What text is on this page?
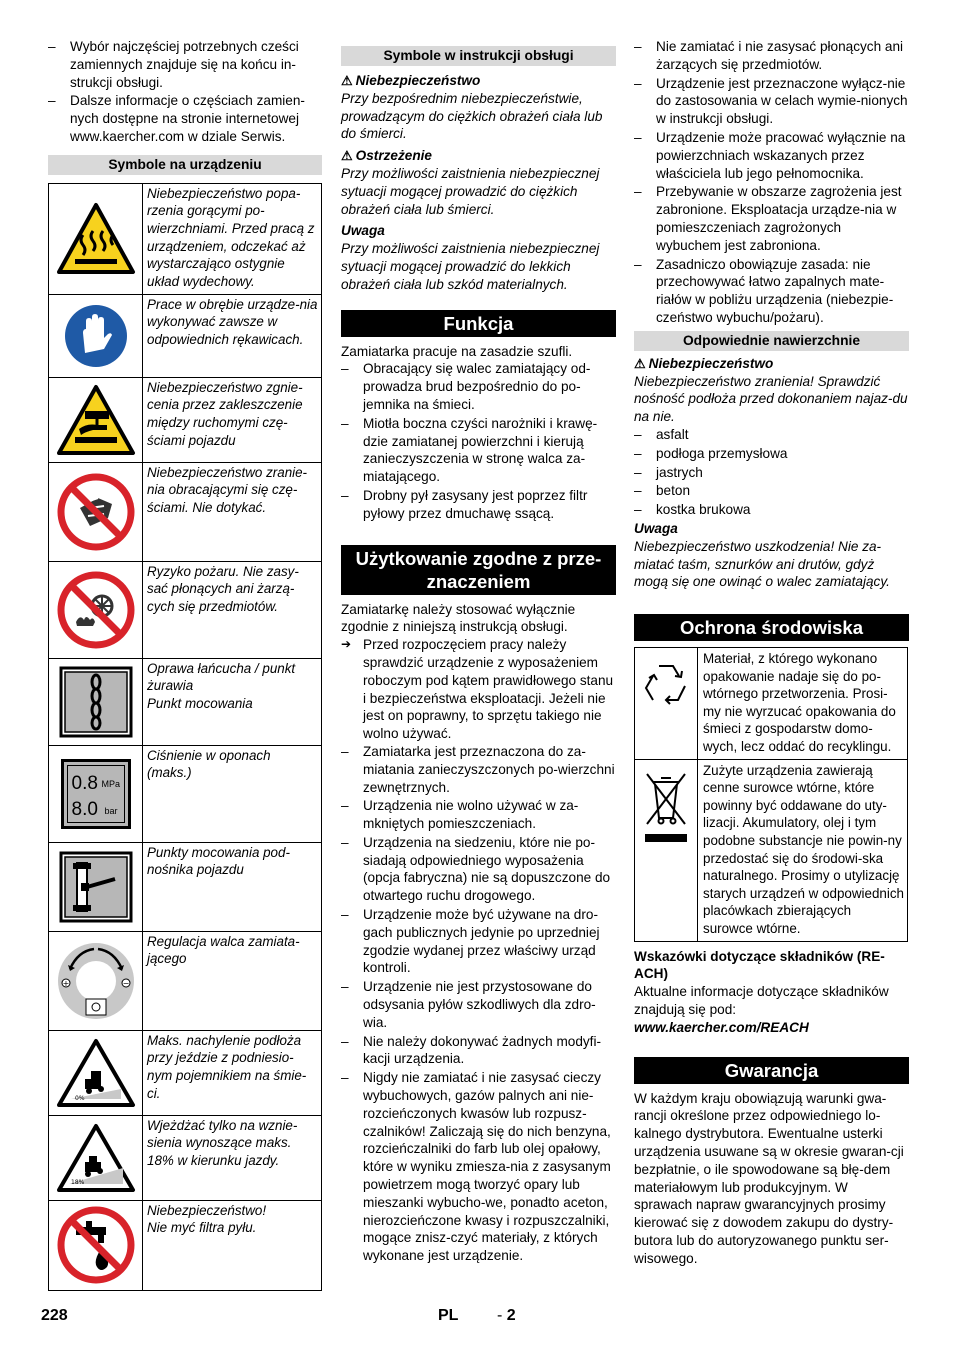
– Wybór najczęściej potrzebnych cześci zamiennych znajduje się na końcu in-strukcji obsługi.
– Dalsze informacje o częściach zamien-nych dostępne na stronie internetowej www.kaercher.com w dziale Serwis.
Symbole na urządzeniu
	Niebezpieczeństwo popa-rzenia gorącymi po-wierzchniami. Przed pracą z urządzeniem, odczekać aż wystarczająco ostygnie układ wydechowy.

	Prace w obrębie urządze-nia wykonywać zawsze w odpowiednich rękawicach.

	Niebezpieczeństwo zgnie-cenia przez zakleszczenie między ruchomymi czę-ściami pojazdu

	Niebezpieczeństwo zranie-nia obracającymi się czę-ściami. Nie dotykać.

	Ryzyko pożaru. Nie zasy-sać płonących ani żarzą-cych się przedmiotów.

	Oprawa łańcucha / punkt żurawia
Punkt mocowania

0.8 MPa
8.0 bar	Ciśnienie w oponach (maks.)

	Punkty mocowania pod-nośnika pojazdu

+ −	Regulacja walca zamiata-jącego

0%	Maks. nachylenie podłoża przy jeździe z podniesio-nym pojemnikiem na śmie-ci.

18%	Wjeżdżać tylko na wznie-sienia wynoszące maks. 18% w kierunku jazdy.

	Niebezpieczeństwo!
Nie myć filtra pyłu.
Symbole w instrukcji obsługi
⚠ Niebezpieczeństwo

Przy bezpośrednim niebezpieczeństwie, prowadzącym do ciężkich obrażeń ciała lub do śmierci.

⚠ Ostrzeżenie

Przy możliwości zaistnienia niebezpiecznej sytuacji mogącej prowadzić do ciężkich obrażeń ciała lub śmierci.

Uwaga

Przy możliwości zaistnienia niebezpiecznej sytuacji mogącej prowadzić do lekkich obrażeń ciała lub szkód materialnych.

Funkcja

Zamiatarka pracuje na zasadzie szufli.

– Obracający się walec zamiatający od-prowadza brud bezpośrednio do po-jemnika na śmieci.
– Miotła boczna czyści narożniki i krawę-dzie zamiatanej powierzchni i kierują zanieczyszczenia w stronę walca za-miatającego.
– Drobny pył zasysany jest poprzez filtr pyłowy przez dmuchawę ssącą.
Użytkowanie zgodne z prze-znaczeniem

Zamiatarkę należy stosować wyłącznie zgodnie z niniejszą instrukcją obsługi.

➔ Przed rozpoczęciem pracy należy sprawdzić urządzenie z wyposażeniem roboczym pod kątem prawidłowego stanu i bezpieczeństwa eksploatacji. Jeżeli nie jest on poprawny, to sprzętu takiego nie wolno używać.
– Zamiatarka jest przeznaczona do za-miatania zanieczyszczonych po-wierzchni zewnętrznych.
– Urządzenia nie wolno używać w za-mkniętych pomieszczeniach.
– Urządzenia na siedzeniu, które nie po-siadają odpowiedniego wyposażenia (opcja fabryczna) nie są dopuszczone do otwartego ruchu drogowego.
– Urządzenie może być używane na dro-gach publicznych jedynie po uprzedniej zgodzie wydanej przez właściwy urząd kontroli.
– Urządzenie nie jest przystosowane do odsysania pyłów szkodliwych dla zdro-wia.
– Nie należy dokonywać żadnych modyfi-kacji urządzenia.
– Nigdy nie zamiatać i nie zasysać cieczy wybuchowych, gazów palnych ani nie-rozcieńczonych kwasów lub rozpusz-czalników! Zaliczają się do nich benzyna, rozcieńczalniki do farb lub olej opałowy, które w wyniku zmiesza-nia z zasysanym powietrzem mogą tworzyć opary lub mieszanki wybucho-we, ponadto aceton, nierozcieńczone kwasy i rozpuszczalniki, mogące znisz-czyć materiały, z których wykonane jest urządzenie.
– Nie zamiatać i nie zasysać płonących ani żarzących się przedmiotów.
– Urządzenie jest przeznaczone wyłącz-nie do zastosowania w celach wymie-nionych w instrukcji obsługi.
– Urządzenie może pracować wyłącznie na powierzchniach wskazanych przez właściciela lub jego pełnomocnika.
– Przebywanie w obszarze zagrożenia jest zabronione. Eksploatacja urządze-nia w pomieszczeniach zagrożonych wybuchem jest zabroniona.
– Zasadniczo obowiązuje zasada: nie przechowywać łatwo zapalnych mate-riałów w pobliżu urządzenia (niebezpie-czeństwo wybuchu/pożaru).
Odpowiednie nawierzchnie
⚠ Niebezpieczeństwo

Niebezpieczeństwo zranienia! Sprawdzić nośność podłoża przed dokonaniem najaz-du na nie.

– asfalt
– podłoga przemysłowa
– jastrych
– beton
– kostka brukowa
Uwaga

Niebezpieczeństwo uszkodzenia! Nie za-miatać taśm, sznurków ani drutów, gdyż mogą się one owinąć o walec zamiatający.

Ochrona środowiska
	Materiał, z którego wykonano opakowanie nadaje się do po-wtórnego przetworzenia. Prosi-my nie wyrzucać opakowania do śmieci z gospodarstw domo-wych, lecz oddać do recyklingu.

	Zużyte urządzenia zawierają cenne surowce wtórne, które powinny być oddawane do uty-lizacji. Akumulatory, olej i tym podobne substancje nie powin-ny przedostać się do środowi-ska naturalnego. Prosimy o utylizację starych urządzeń w odpowiednich placówkach zbierających surowce wtórne.

Wskazówki dotyczące składników (RE-ACH)

Aktualne informacje dotyczące składników znajdują się pod:

www.kaercher.com/REACH

Gwarancja

W każdym kraju obowiązują warunki gwa-rancji określone przez odpowiedniego lo-kalnego dystrybutora. Ewentualne usterki urządzenia usuwane są w okresie gwaran-cji bezpłatnie, o ile spowodowane są błę-dem materiałowym lub produkcyjnym. W sprawach napraw gwarancyjnych prosimy kierować się z dowodem zakupu do dystry-butora lub do autoryzowanego punktu ser-wisowego.

228	PL - 2
